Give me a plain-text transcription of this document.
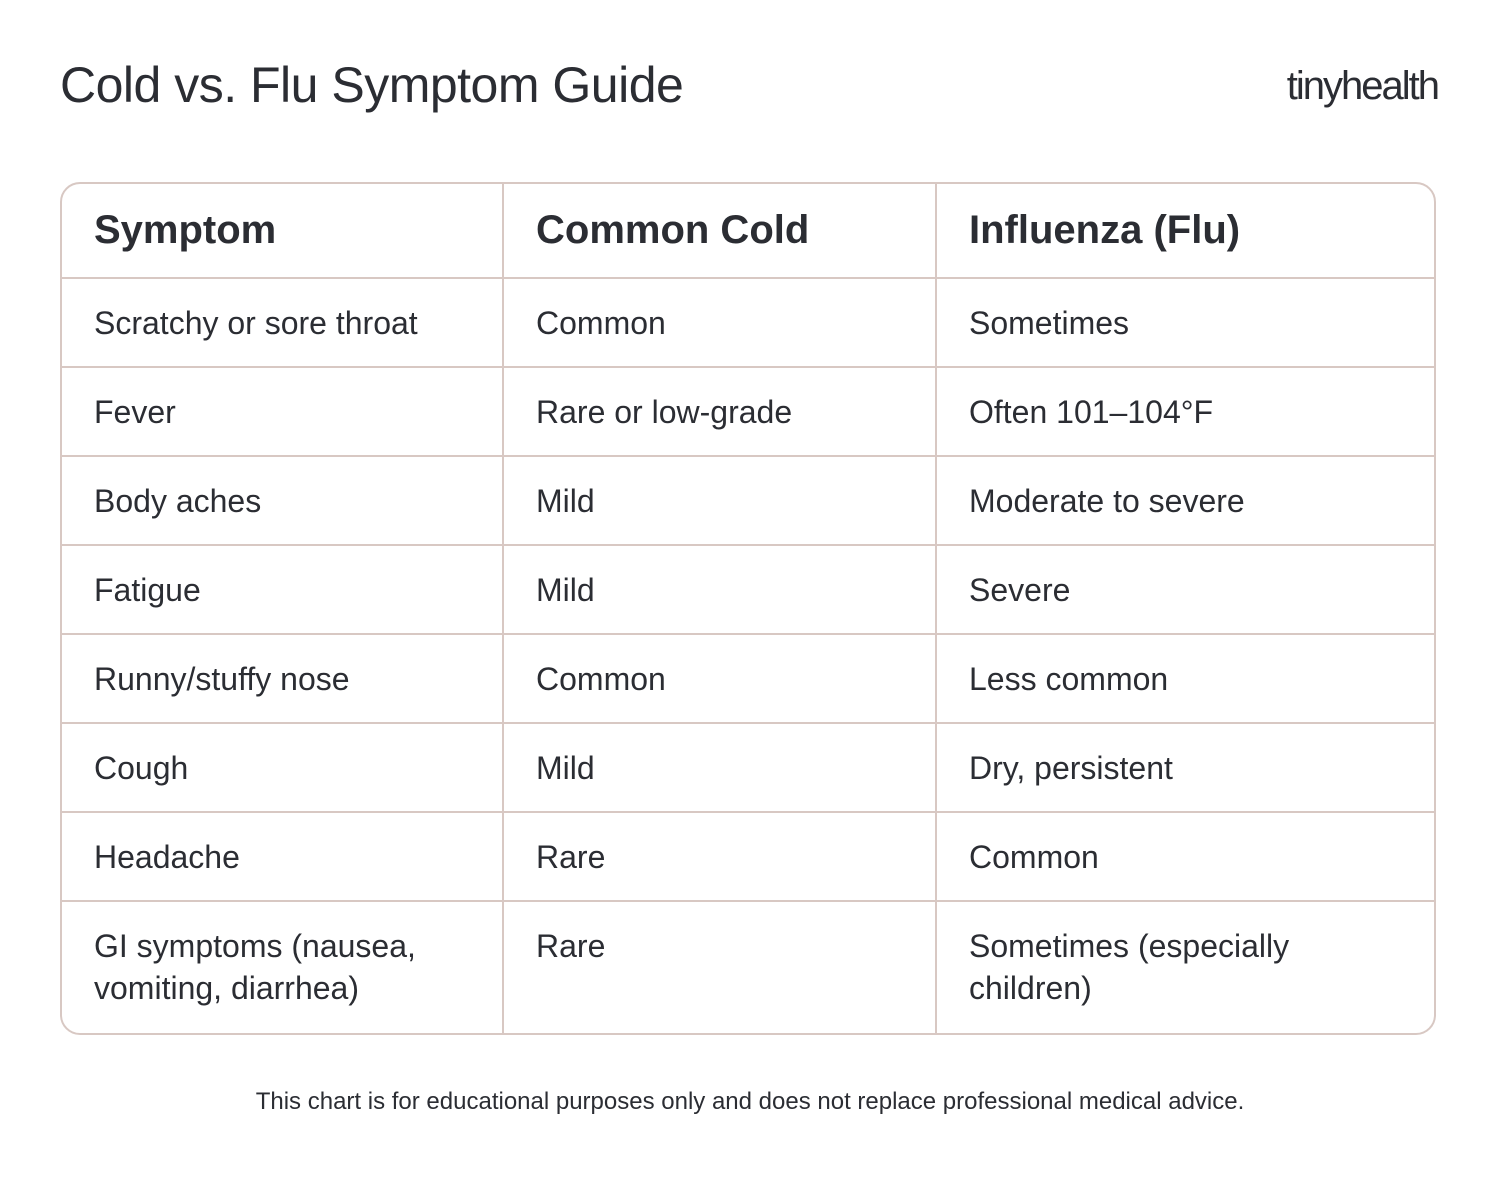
Cold vs. Flu Symptom Guide	tinyhealth
Symptom	Common Cold	Influenza (Flu)
Scratchy or sore throat	Common	Sometimes
Fever	Rare or low-grade	Often 101–104°F
Body aches	Mild	Moderate to severe
Fatigue	Mild	Severe
Runny/stuffy nose	Common	Less common
Cough	Mild	Dry, persistent
Headache	Rare	Common
GI symptoms (nausea, vomiting, diarrhea)	Rare	Sometimes (especially children)

This chart is for educational purposes only and does not replace professional medical advice.
